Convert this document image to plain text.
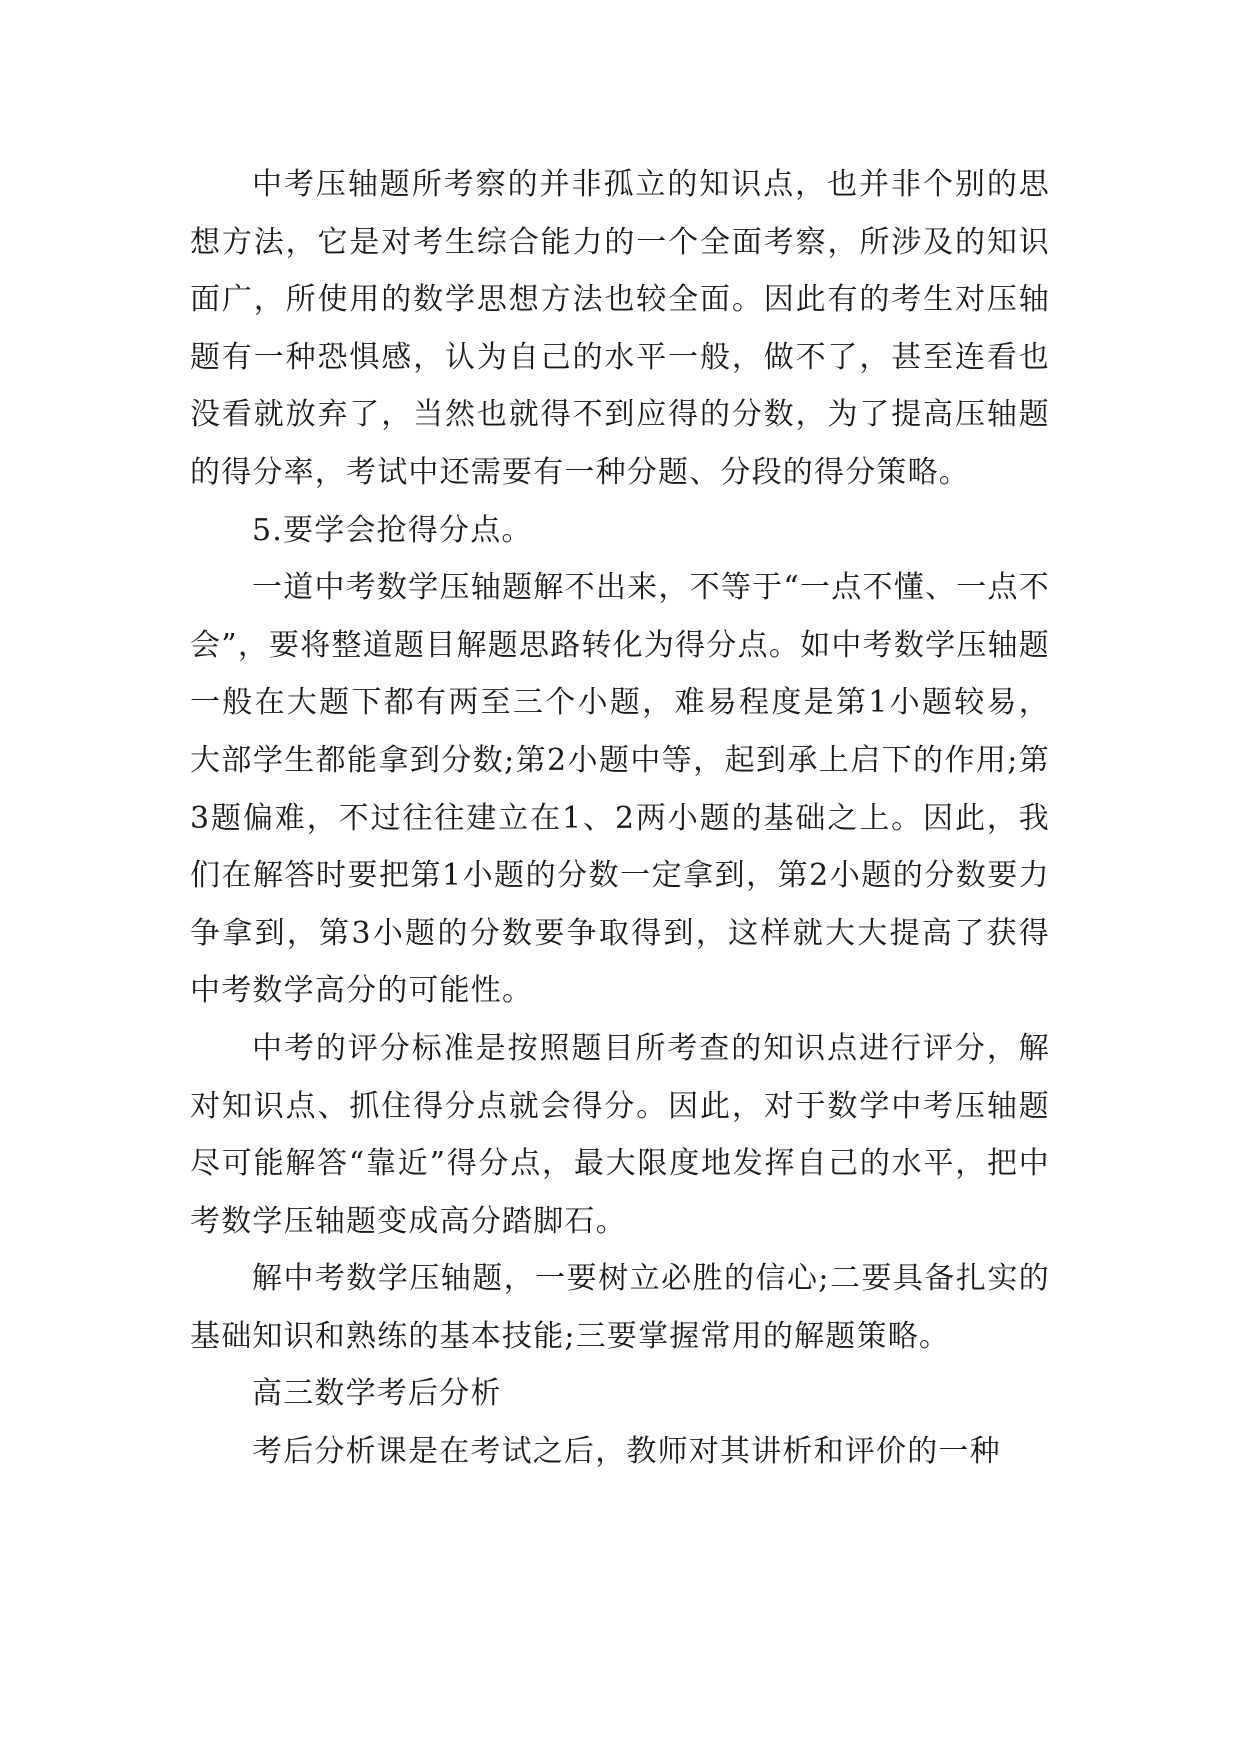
中考压轴题所考察的并非孤立的知识点，也并非个别的思想方法，它是对考生综合能力的一个全面考察，所涉及的知识面广，所使用的数学思想方法也较全面。因此有的考生对压轴题有一种恐惧感，认为自己的水平一般，做不了，甚至连看也没看就放弃了，当然也就得不到应得的分数，为了提高压轴题的得分率，考试中还需要有一种分题、分段的得分策略。

5.要学会抢得分点。

一道中考数学压轴题解不出来，不等于“一点不懂、一点不会”，要将整道题目解题思路转化为得分点。如中考数学压轴题一般在大题下都有两至三个小题，难易程度是第1小题较易，大部学生都能拿到分数;第2小题中等，起到承上启下的作用;第3题偏难，不过往往建立在1、2两小题的基础之上。因此，我们在解答时要把第1小题的分数一定拿到，第2小题的分数要力争拿到，第3小题的分数要争取得到，这样就大大提高了获得中考数学高分的可能性。

中考的评分标准是按照题目所考查的知识点进行评分，解对知识点、抓住得分点就会得分。因此，对于数学中考压轴题尽可能解答“靠近”得分点，最大限度地发挥自己的水平，把中考数学压轴题变成高分踏脚石。

解中考数学压轴题，一要树立必胜的信心;二要具备扎实的基础知识和熟练的基本技能;三要掌握常用的解题策略。

高三数学考后分析

考后分析课是在考试之后，教师对其讲析和评价的一种
